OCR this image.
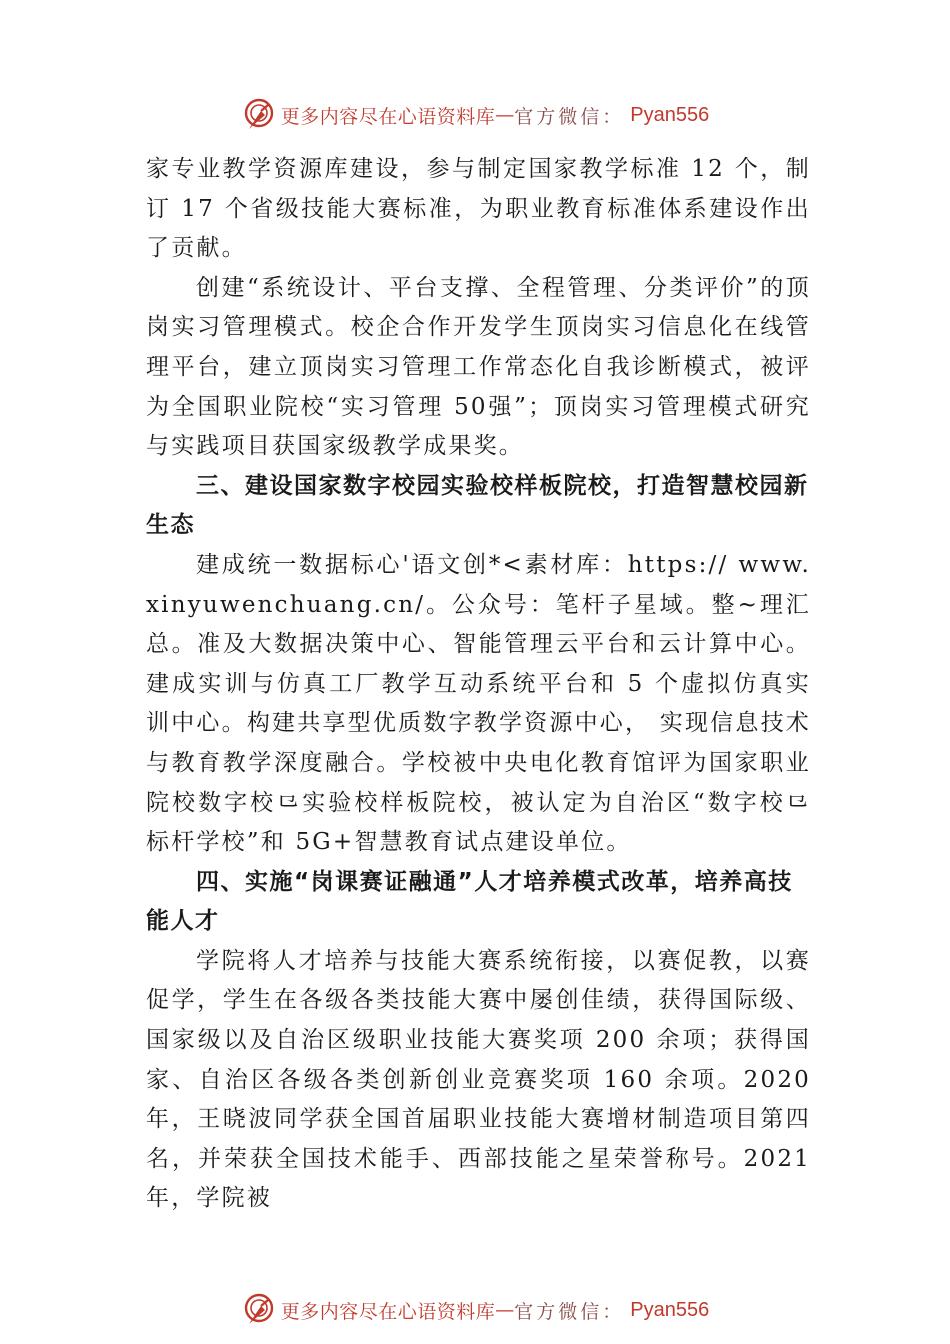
更多内容尽在心语资料库 — 官方微信： Pyan556

家专业教学资源库建设，参与制定国家教学标准 12 个，制订 17 个省级技能大赛标准，为职业教育标准体系建设作出了贡献。

创建“系统设计、平台支撑、全程管理、分类评价”的顶岗实习管理模式。校企合作开发学生顶岗实习信息化在线管理平台，建立顶岗实习管理工作常态化自我诊断模式，被评为全国职业院校“实习管理 50强”；顶岗实习管理模式研究与实践项目获国家级教学成果奖。

三、建设国家数字校园实验校样板院校，打造智慧校园新生态

建成统一数据标心'语文创*<素材库：https:// www.xinyuwenchuang.cn/。公众号：笔杆子星域。整~理汇总。准及大数据决策中心、智能管理云平台和云计算中心。建成实训与仿真工厂教学互动系统平台和 5 个虚拟仿真实训中心。构建共享型优质数字教学资源中心， 实现信息技术与教育教学深度融合。学校被中央电化教育馆评为国家职业院校数字校⺋实验校样板院校，被认定为自治区“数字校⺋标杆学校”和 5G+智慧教育试点建设单位。

四、实施“岗课赛证融通”人才培养模式改革，培养高技能人才

学院将人才培养与技能大赛系统衔接，以赛促教，以赛促学，学生在各级各类技能大赛中屡创佳绩，获得国际级、 国家级以及自治区级职业技能大赛奖项 200 余项；获得国家、自治区各级各类创新创业竞赛奖项 160 余项。2020 年，王晓波同学获全国首届职业技能大赛增材制造项目第四名，并荣获全国技术能手、西部技能之星荣誉称号。2021 年，学院被

更多内容尽在心语资料库 — 官方微信： Pyan556
